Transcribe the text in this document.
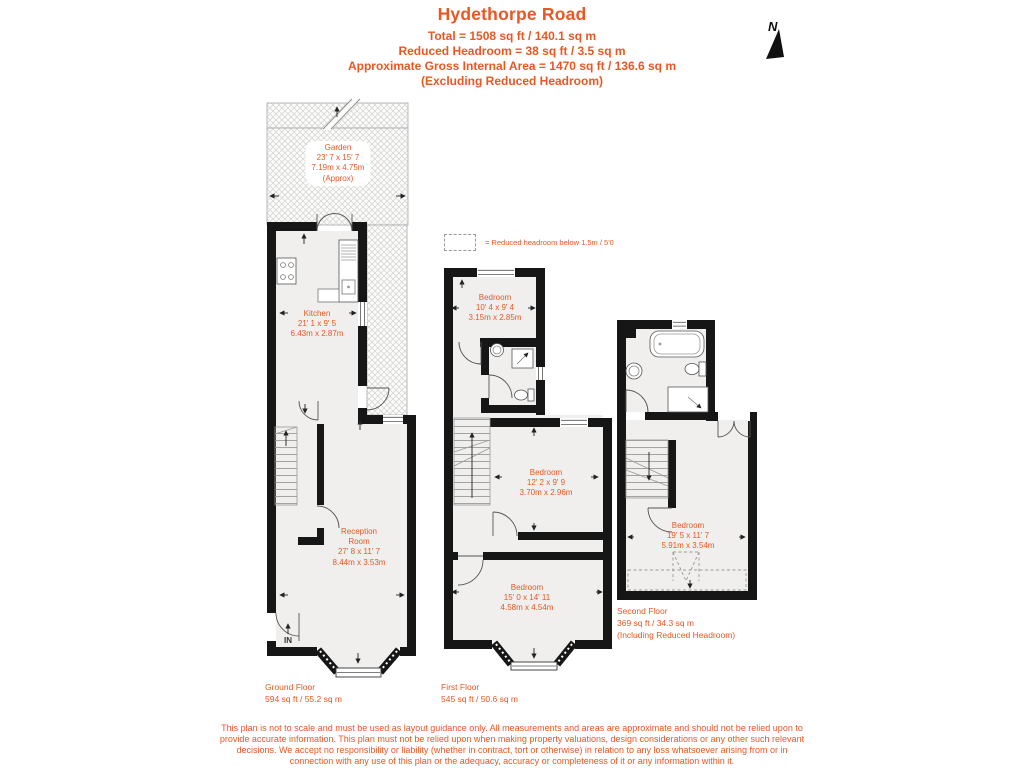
Hydethorpe Road
Total = 1508 sq ft / 140.1 sq m
Reduced Headroom = 38 sq ft / 3.5 sq m
Approximate Gross Internal Area = 1470 sq ft / 136.6 sq m
(Excluding Reduced Headroom)
N
= Reduced headroom below 1.5m / 5'0
Garden
23' 7 x 15' 7
7.19m x 4.75m
(Approx)
Kitchen
21' 1 x 9' 5
6.43m x 2.87m
Reception
Room
27' 8 x 11' 7
8.44m x 3.53m
Bedroom
10' 4 x 9' 4
3.15m x 2.85m
Bedroom
12' 2 x 9' 9
3.70m x 2.96m
Bedroom
15' 0 x 14' 11
4.58m x 4.54m
Bedroom
19' 5 x 11' 7
5.91m x 3.54m
Ground Floor
594 sq ft / 55.2 sq m
First Floor
545 sq ft / 50.6 sq m
Second Floor
369 sq ft / 34.3 sq m
(Including Reduced Headroom)
IN
This plan is not to scale and must be used as layout guidance only. All measurements and areas are approximate and should not be relied upon to
provide accurate information. This plan must not be relied upon when making property valuations, design considerations or any other such relevant
decisions. We accept no responsibility or liability (whether in contract, tort or otherwise) in relation to any loss whatsoever arising from or in
connection with any use of this plan or the adequacy, accuracy or completeness of it or any information within it.
